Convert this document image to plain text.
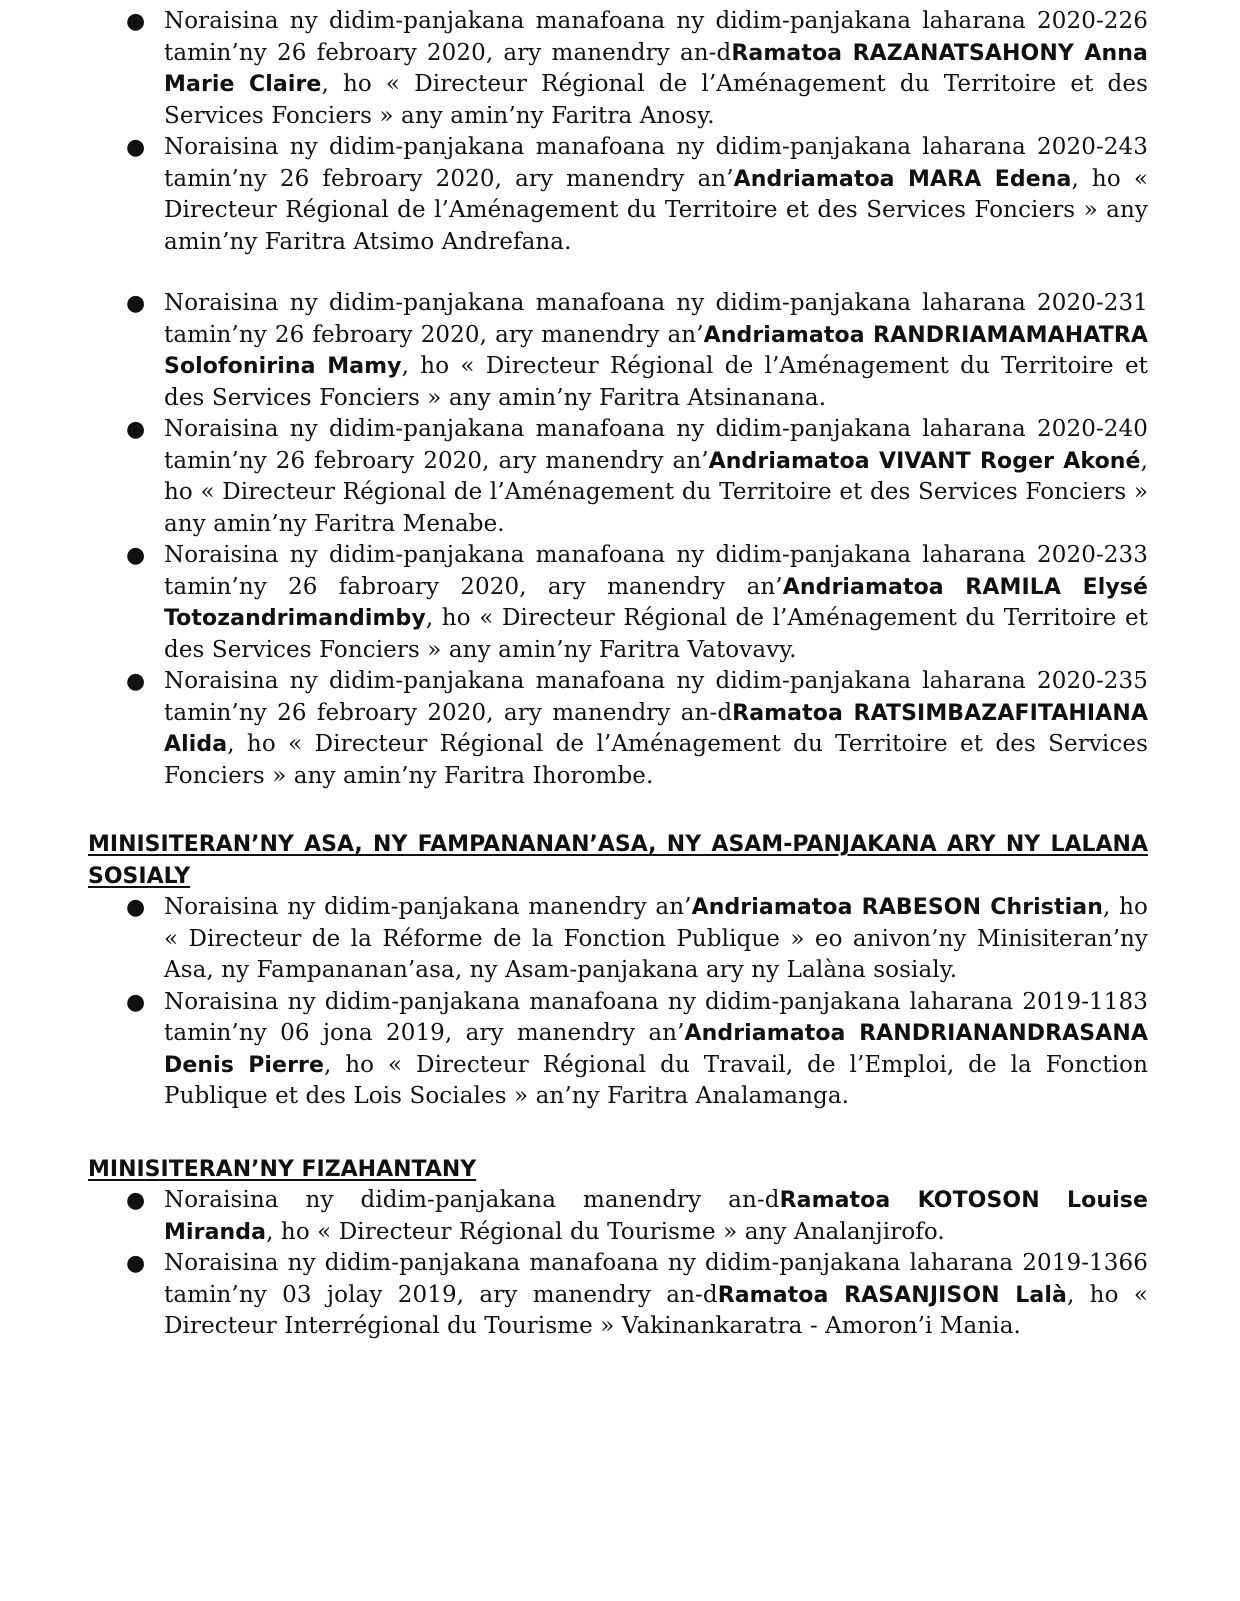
● Noraisina ny didim-panjakana manafoana ny didim-panjakana laharana 2020-226 tamin’ny 26 febroary 2020, ary manendry an-dRamatoa RAZANATSAHONY Anna Marie Claire, ho « Directeur Régional de l’Aménagement du Territoire et des Services Fonciers » any amin’ny Faritra Anosy.
● Noraisina ny didim-panjakana manafoana ny didim-panjakana laharana 2020-243 tamin’ny 26 febroary 2020, ary manendry an’Andriamatoa MARA Edena, ho « Directeur Régional de l’Aménagement du Territoire et des Services Fonciers » any amin’ny Faritra Atsimo Andrefana.
● Noraisina ny didim-panjakana manafoana ny didim-panjakana laharana 2020-231 tamin’ny 26 febroary 2020, ary manendry an’Andriamatoa RANDRIAMAMAHATRA Solofonirina Mamy, ho « Directeur Régional de l’Aménagement du Territoire et des Services Fonciers » any amin’ny Faritra Atsinanana.
● Noraisina ny didim-panjakana manafoana ny didim-panjakana laharana 2020-240 tamin’ny 26 febroary 2020, ary manendry an’Andriamatoa VIVANT Roger Akoné, ho « Directeur Régional de l’Aménagement du Territoire et des Services Fonciers » any amin’ny Faritra Menabe.
● Noraisina ny didim-panjakana manafoana ny didim-panjakana laharana 2020-233 tamin’ny 26 fabroary 2020, ary manendry an’Andriamatoa RAMILA Elysé Totozandrimandimby, ho « Directeur Régional de l’Aménagement du Territoire et des Services Fonciers » any amin’ny Faritra Vatovavy.
● Noraisina ny didim-panjakana manafoana ny didim-panjakana laharana 2020-235 tamin’ny 26 febroary 2020, ary manendry an-dRamatoa RATSIMBAZAFITAHIANA Alida, ho « Directeur Régional de l’Aménagement du Territoire et des Services Fonciers » any amin’ny Faritra Ihorombe.
MINISITERAN’NY ASA, NY FAMPANANAN’ASA, NY ASAM-PANJAKANA ARY NY LALANA SOSIALY
● Noraisina ny didim-panjakana manendry an’Andriamatoa RABESON Christian, ho « Directeur de la Réforme de la Fonction Publique » eo anivon’ny Minisiteran’ny Asa, ny Fampananan’asa, ny Asam-panjakana ary ny Lalàna sosialy.
● Noraisina ny didim-panjakana manafoana ny didim-panjakana laharana 2019-1183 tamin’ny 06 jona 2019, ary manendry an’Andriamatoa RANDRIANANDRASANA Denis Pierre, ho « Directeur Régional du Travail, de l’Emploi, de la Fonction Publique et des Lois Sociales » an’ny Faritra Analamanga.
MINISITERAN’NY FIZAHANTANY
● Noraisina ny didim-panjakana manendry an-dRamatoa KOTOSON Louise Miranda, ho « Directeur Régional du Tourisme » any Analanjirofo.
● Noraisina ny didim-panjakana manafoana ny didim-panjakana laharana 2019-1366 tamin’ny 03 jolay 2019, ary manendry an-dRamatoa RASANJISON Lalà, ho « Directeur Interrégional du Tourisme » Vakinankaratra - Amoron’i Mania.
